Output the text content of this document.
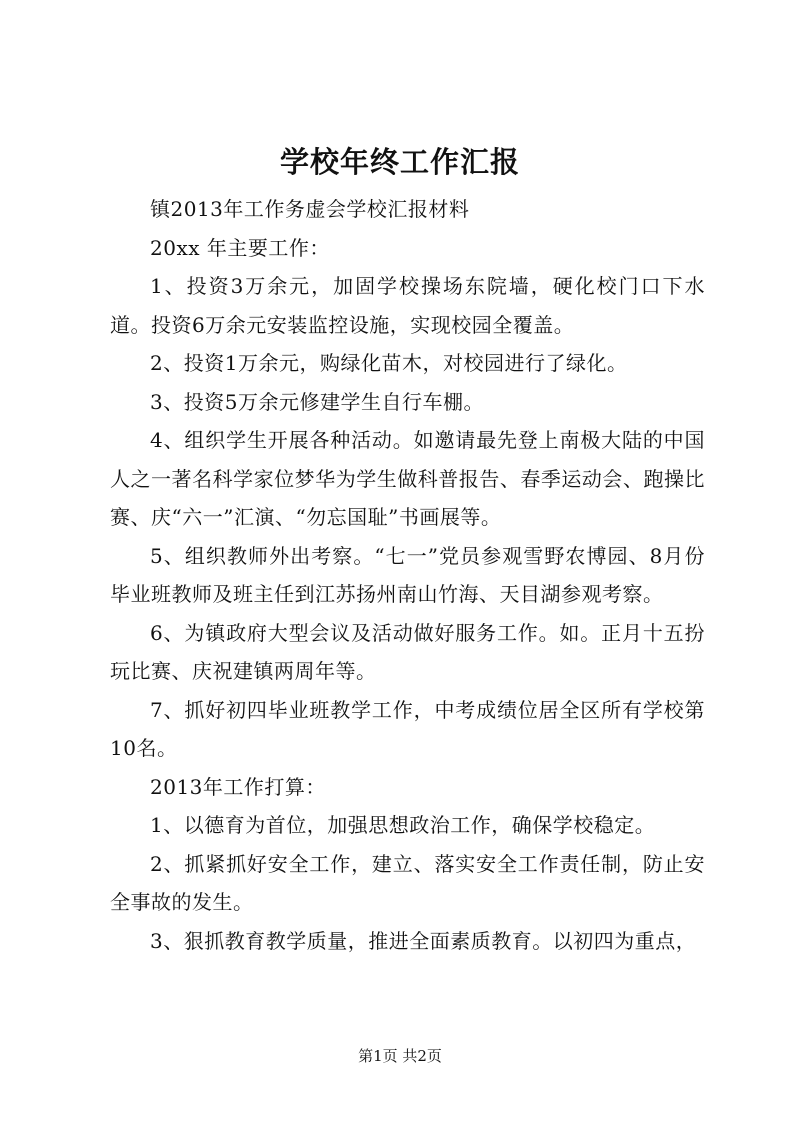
学校年终工作汇报

镇2013年工作务虚会学校汇报材料

20xx 年主要工作：

1、投资3万余元，加固学校操场东院墙，硬化校门口下水道。投资6万余元安装监控设施，实现校园全覆盖。

2、投资1万余元，购绿化苗木，对校园进行了绿化。

3、投资5万余元修建学生自行车棚。

4、组织学生开展各种活动。如邀请最先登上南极大陆的中国人之一著名科学家位梦华为学生做科普报告、春季运动会、跑操比赛、庆“六一”汇演、“勿忘国耻”书画展等。

5、组织教师外出考察。“七一”党员参观雪野农博园、8月份毕业班教师及班主任到江苏扬州南山竹海、天目湖参观考察。

6、为镇政府大型会议及活动做好服务工作。如。正月十五扮玩比赛、庆祝建镇两周年等。

7、抓好初四毕业班教学工作，中考成绩位居全区所有学校第10名。

2013年工作打算：

1、以德育为首位，加强思想政治工作，确保学校稳定。

2、抓紧抓好安全工作，建立、落实安全工作责任制，防止安全事故的发生。

3、狠抓教育教学质量，推进全面素质教育。以初四为重点，

第1页 共2页
